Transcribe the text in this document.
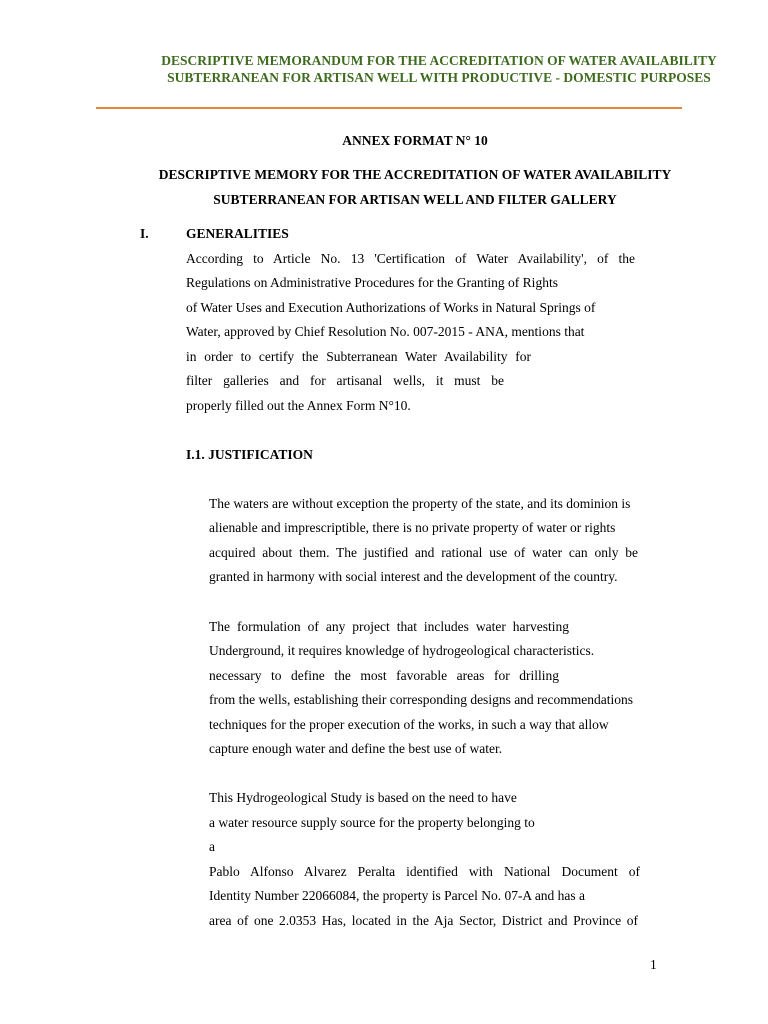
DESCRIPTIVE MEMORANDUM FOR THE ACCREDITATION OF WATER AVAILABILITY
SUBTERRANEAN FOR ARTISAN WELL WITH PRODUCTIVE - DOMESTIC PURPOSES
ANNEX FORMAT N° 10
DESCRIPTIVE MEMORY FOR THE ACCREDITATION OF WATER AVAILABILITY
SUBTERRANEAN FOR ARTISAN WELL AND FILTER GALLERY
I.	GENERALITIES
According to Article No. 13 'Certification of Water Availability', of the
Regulations on Administrative Procedures for the Granting of Rights
of Water Uses and Execution Authorizations of Works in Natural Springs of
Water, approved by Chief Resolution No. 007-2015 - ANA, mentions that
in order to certify the Subterranean Water Availability for
filter galleries and for artisanal wells, it must be
properly filled out the Annex Form N°10.
I.1. JUSTIFICATION
The waters are without exception the property of the state, and its dominion is
alienable and imprescriptible, there is no private property of water or rights
acquired about them. The justified and rational use of water can only be
granted in harmony with social interest and the development of the country.
The formulation of any project that includes water harvesting
Underground, it requires knowledge of hydrogeological characteristics.
necessary to define the most favorable areas for drilling
from the wells, establishing their corresponding designs and recommendations
techniques for the proper execution of the works, in such a way that allow
capture enough water and define the best use of water.
This Hydrogeological Study is based on the need to have
a water resource supply source for the property belonging to
a
Pablo Alfonso Alvarez Peralta identified with National Document of
Identity Number 22066084, the property is Parcel No. 07-A and has a
area of one 2.0353 Has, located in the Aja Sector, District and Province of
1
